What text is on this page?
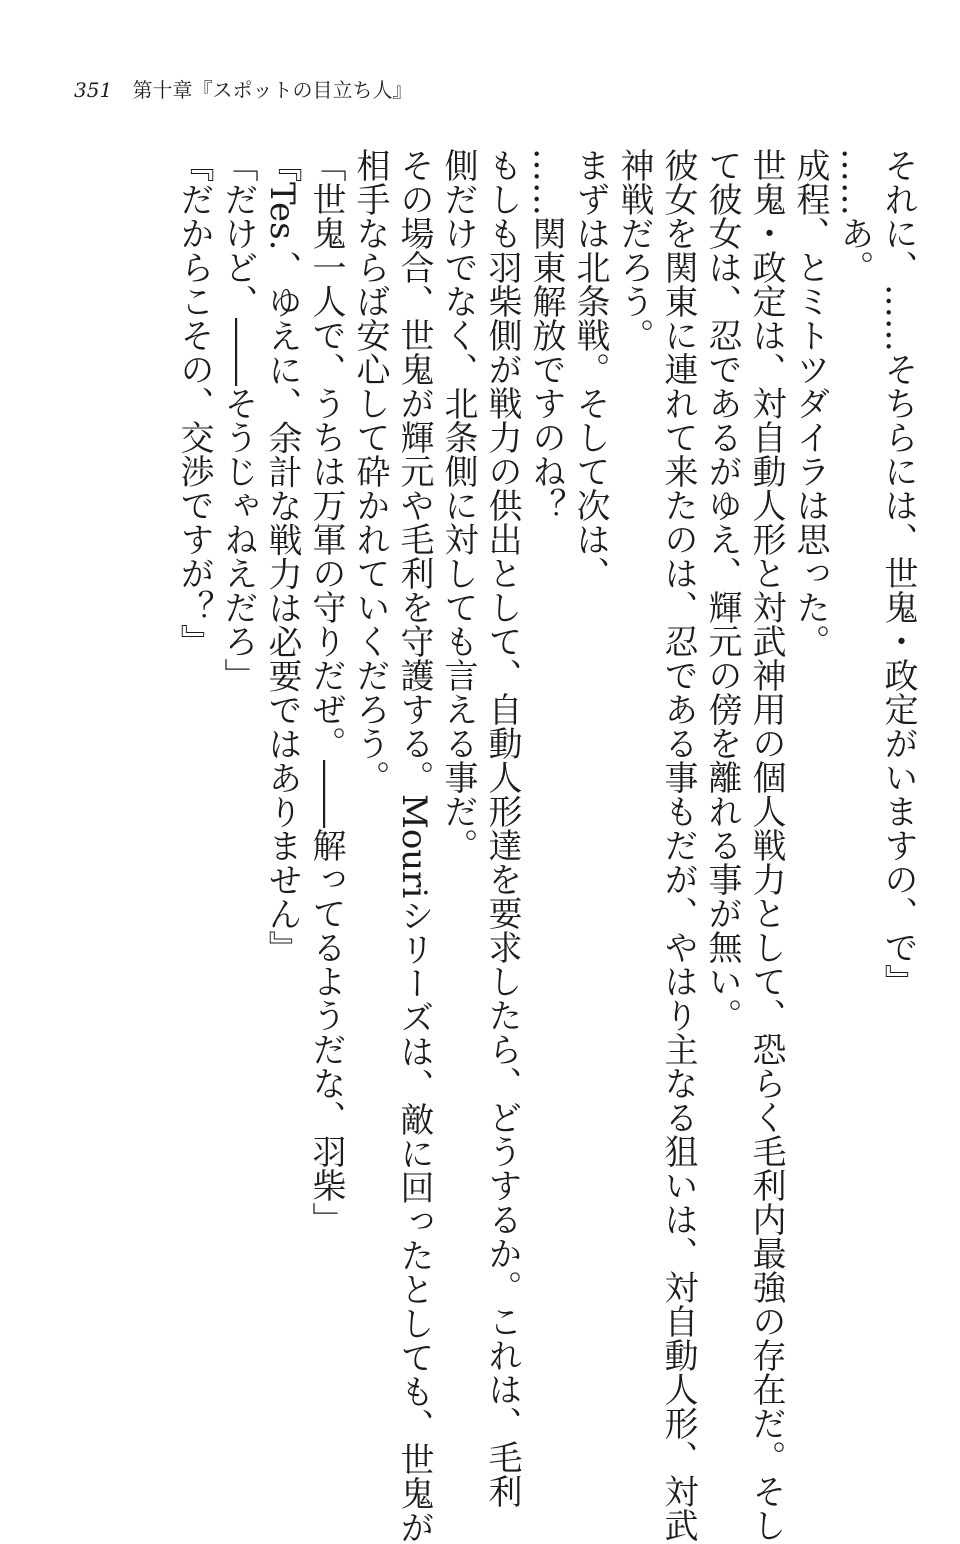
351 第十章『スポットの目立ち人』
それに、……そちらには、世鬼・政定がいますの、で』
……あ。
成程、とミトツダイラは思った。
世鬼・政定は、対自動人形と対武神用の個人戦力として、恐らく毛利内最強の存在だ。そし
て彼女は、忍であるがゆえ、輝元の傍を離れる事が無い。
彼女を関東に連れて来たのは、忍である事もだが、やはり主なる狙いは、対自動人形、対武
神戦だろう。
まずは北条戦。そして次は、
……関東解放ですのね？
もしも羽柴側が戦力の供出として、自動人形達を要求したら、どうするか。これは、毛利
側だけでなく、北条側に対しても言える事だ。
その場合、世鬼が輝元や毛利を守護する。Mouriシリーズは、敵に回ったとしても、世鬼が
相手ならば安心して砕かれていくだろう。
「世鬼一人で、うちは万軍の守りだぜ。――解ってるようだな、羽柴」
『Tes.、ゆえに、余計な戦力は必要ではありません』
「だけど、――そうじゃねえだろ」
『だからこその、交渉ですが？』
